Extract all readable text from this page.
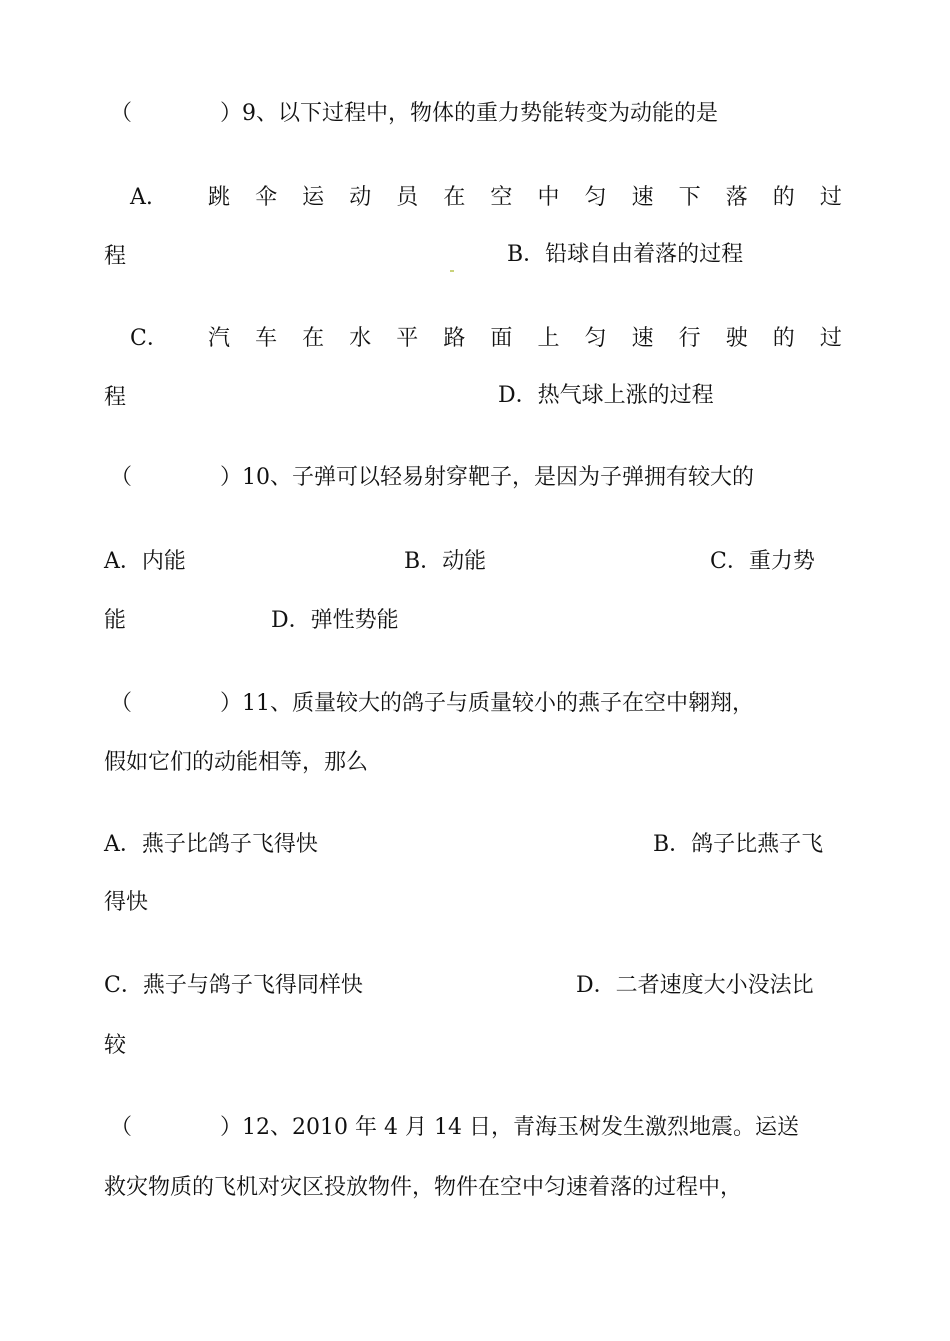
（	）9、以下过程中，物体的重力势能转变为动能的是
A.	跳 伞 运 动 员 在 空 中 匀 速 下 落 的 过
程	B．铅球自由着落的过程
C． 汽 车 在 水 平 路 面 上 匀 速 行 驶 的 过
程	D．热气球上涨的过程
（	）10、子弹可以轻易射穿靶子，是因为子弹拥有较大的
A．内能	B．动能	C．重力势
能	D．弹性势能
（	）11、质量较大的鸽子与质量较小的燕子在空中翱翔，
假如它们的动能相等，那么
A．燕子比鸽子飞得快	B．鸽子比燕子飞
得快
C．燕子与鸽子飞得同样快	D．二者速度大小没法比
较
（	）12、2010 年 4 月 14 日，青海玉树发生激烈地震。运送
救灾物质的飞机对灾区投放物件，物件在空中匀速着落的过程中，
